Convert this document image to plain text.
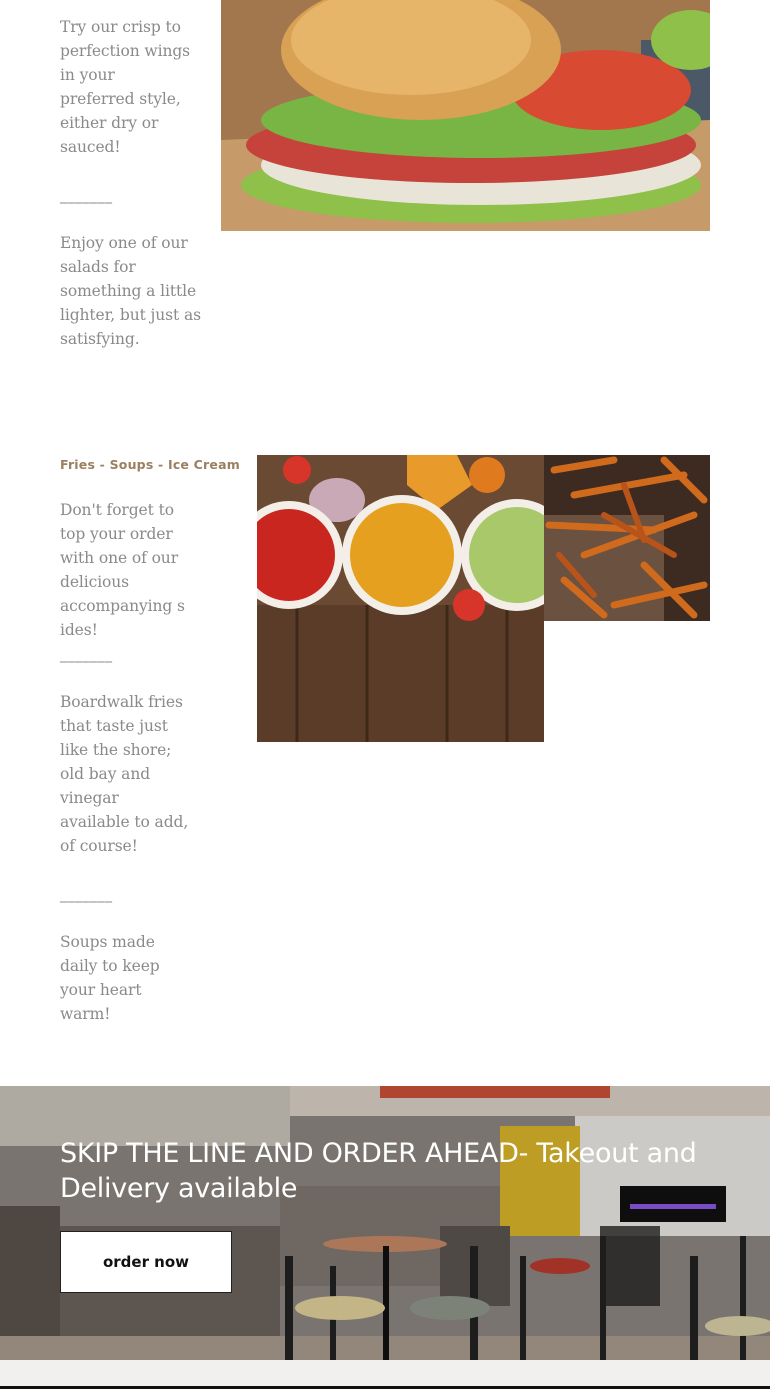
Try our crisp to
perfection wings
in your
preferred style,
either dry or
sauced!
_______
Enjoy one of our
salads for
something a little
lighter, but just as
satisfying.
Fries - Soups - Ice Cream
Don't forget to
top your order
with one of our
delicious
accompanying s
ides!
_______
Boardwalk fries
that taste just
like the shore;
old bay and
vinegar
available to add,
of course!
_______
Soups made
daily to keep
your heart
warm!
SKIP THE LINE AND ORDER AHEAD- Takeout and Delivery available
order now
